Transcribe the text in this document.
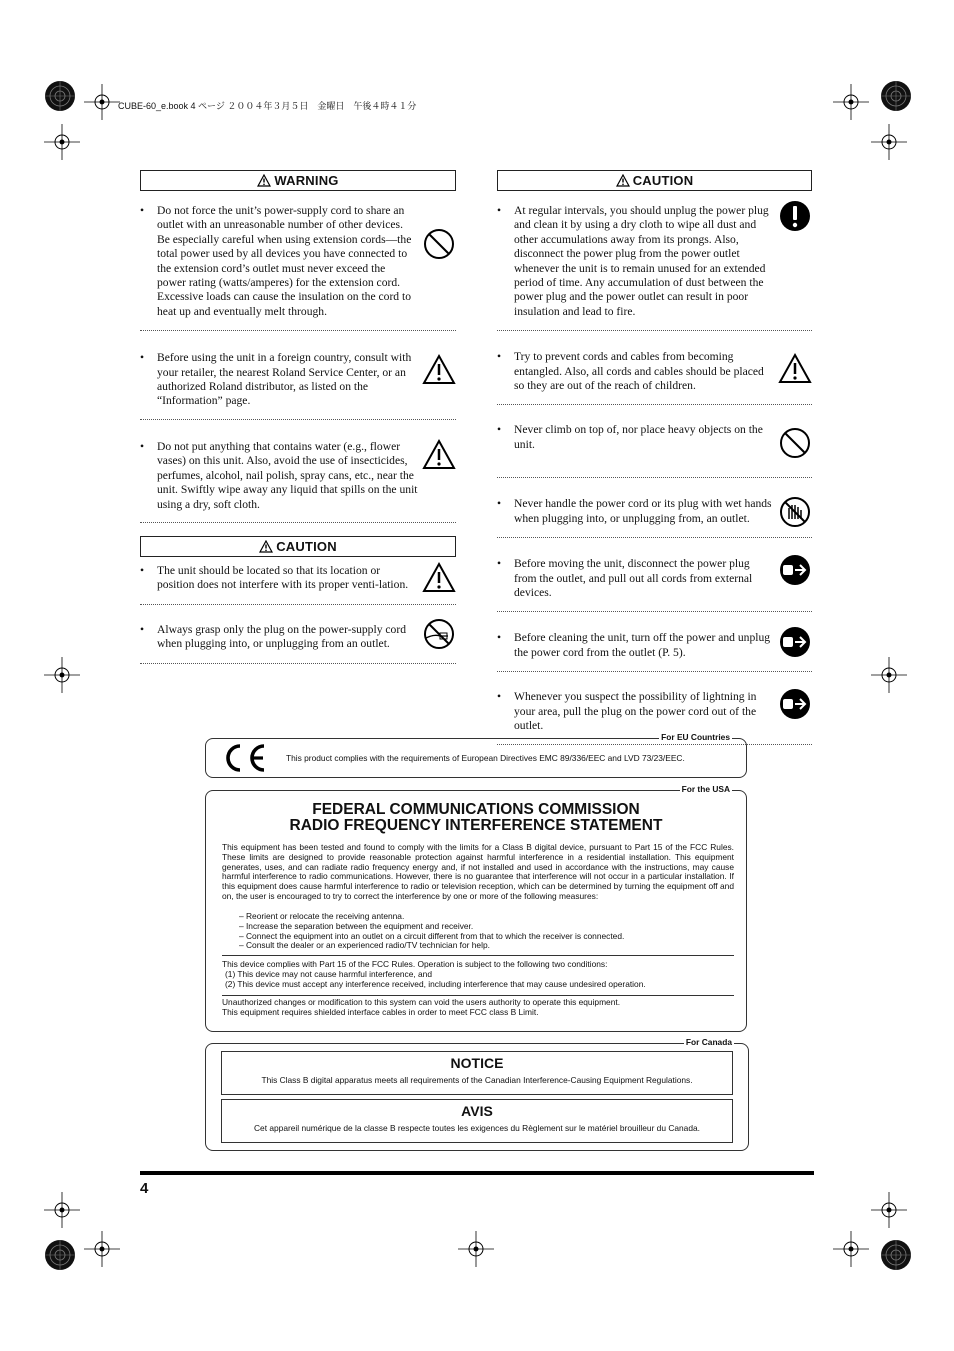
CUBE-60_e.book 4 ページ ２００４年３月５日　金曜日　午後４時４１分
WARNING
•	Do not force the unit’s power-supply cord to share an outlet with an unreasonable number of other devices. Be especially careful when using extension cords—the total power used by all devices you have connected to the extension cord’s outlet must never exceed the power rating (watts/amperes) for the extension cord. Excessive loads can cause the insulation on the cord to heat up and eventually melt through.
•	Before using the unit in a foreign country, consult with your retailer, the nearest Roland Service Center, or an authorized Roland distributor, as listed on the “Information” page.
•	Do not put anything that contains water (e.g., flower vases) on this unit. Also, avoid the use of insecticides, perfumes, alcohol, nail polish, spray cans, etc., near the unit. Swiftly wipe away any liquid that spills on the unit using a dry, soft cloth.
CAUTION
•	The unit should be located so that its location or position does not interfere with its proper venti-lation.
•	Always grasp only the plug on the power-supply cord when plugging into, or unplugging from an outlet.
CAUTION
•	At regular intervals, you should unplug the power plug and clean it by using a dry cloth to wipe all dust and other accumulations away from its prongs. Also, disconnect the power plug from the power outlet whenever the unit is to remain unused for an extended period of time. Any accumulation of dust between the power plug and the power outlet can result in poor insulation and lead to fire.
•	Try to prevent cords and cables from becoming entangled. Also, all cords and cables should be placed so they are out of the reach of children.
•	Never climb on top of, nor place heavy objects on the unit.
•	Never handle the power cord or its plug with wet hands when plugging into, or unplugging from, an outlet.
•	Before moving the unit, disconnect the power plug from the outlet, and pull out all cords from external devices.
•	Before cleaning the unit, turn off the power and unplug the power cord from the outlet (P. 5).
•	Whenever you suspect the possibility of lightning in your area, pull the plug on the power cord out of the outlet.
For EU Countries
This product complies with the requirements of European Directives EMC 89/336/EEC and LVD 73/23/EEC.
For the USA
FEDERAL COMMUNICATIONS COMMISSION
RADIO FREQUENCY INTERFERENCE STATEMENT
This equipment has been tested and found to comply with the limits for a Class B digital device, pursuant to Part 15 of the FCC Rules. These limits are designed to provide reasonable protection against harmful interference in a residential installation. This equipment generates, uses, and can radiate radio frequency energy and, if not installed and used in accordance with the instructions, may cause harmful interference to radio communications. However, there is no guarantee that interference will not occur in a particular installation. If this equipment does cause harmful interference to radio or television reception, which can be determined by turning the equipment off and on, the user is encouraged to try to correct the interference by one or more of the following measures:
– Reorient or relocate the receiving antenna.
– Increase the separation between the equipment and receiver.
– Connect the equipment into an outlet on a circuit different from that to which the receiver is connected.
– Consult the dealer or an experienced radio/TV technician for help.
This device complies with Part 15 of the FCC Rules. Operation is subject to the following two conditions:
(1) This device may not cause harmful interference, and
(2) This device must accept any interference received, including interference that may cause undesired operation.
Unauthorized changes or modification to this system can void the users authority to operate this equipment.
This equipment requires shielded interface cables in order to meet FCC class B Limit.
For Canada
NOTICE
This Class B digital apparatus meets all requirements of the Canadian Interference-Causing Equipment Regulations.
AVIS
Cet appareil numérique de la classe B respecte toutes les exigences du Règlement sur le matériel brouilleur du Canada.
4
